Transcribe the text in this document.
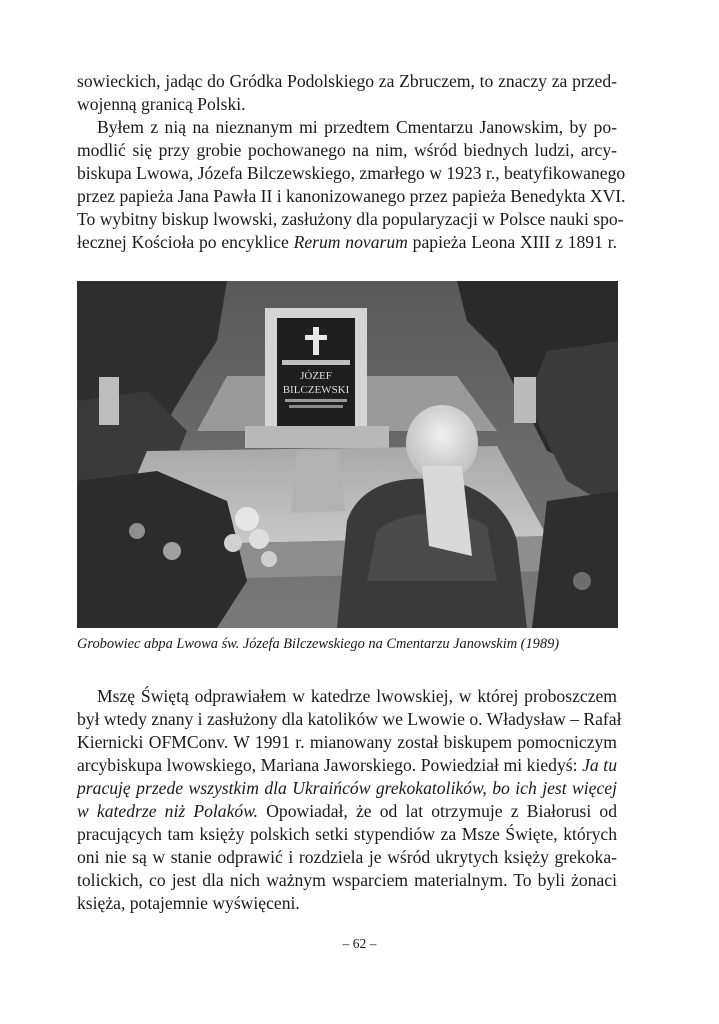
sowieckich, jadąc do Gródka Podolskiego za Zbruczem, to znaczy za przed-
wojenną granicą Polski.
Byłem z nią na nieznanym mi przedtem Cmentarzu Janowskim, by po-
modlić się przy grobie pochowanego na nim, wśród biednych ludzi, arcy-
biskupa Lwowa, Józefa Bilczewskiego, zmarłego w 1923 r., beatyfikowanego
przez papieża Jana Pawła II i kanonizowanego przez papieża Benedykta XVI.
To wybitny biskup lwowski, zasłużony dla popularyzacji w Polsce nauki spo-
łecznej Kościoła po encyklice Rerum novarum papieża Leona XIII z 1891 r.
JÓZEF
BILCZEWSKI
Grobowiec abpa Lwowa św. Józefa Bilczewskiego na Cmentarzu Janowskim (1989)
Mszę Świętą odprawiałem w katedrze lwowskiej, w której proboszczem
był wtedy znany i zasłużony dla katolików we Lwowie o. Władysław – Rafał
Kiernicki OFMConv. W 1991 r. mianowany został biskupem pomocniczym
arcybiskupa lwowskiego, Mariana Jaworskiego. Powiedział mi kiedyś: Ja tu
pracuję przede wszystkim dla Ukraińców grekokatolików, bo ich jest więcej
w katedrze niż Polaków. Opowiadał, że od lat otrzymuje z Białorusi od
pracujących tam księży polskich setki stypendiów za Msze Święte, których
oni nie są w stanie odprawić i rozdziela je wśród ukrytych księży grekoka-
tolickich, co jest dla nich ważnym wsparciem materialnym. To byli żonaci
księża, potajemnie wyświęceni.
– 62 –
